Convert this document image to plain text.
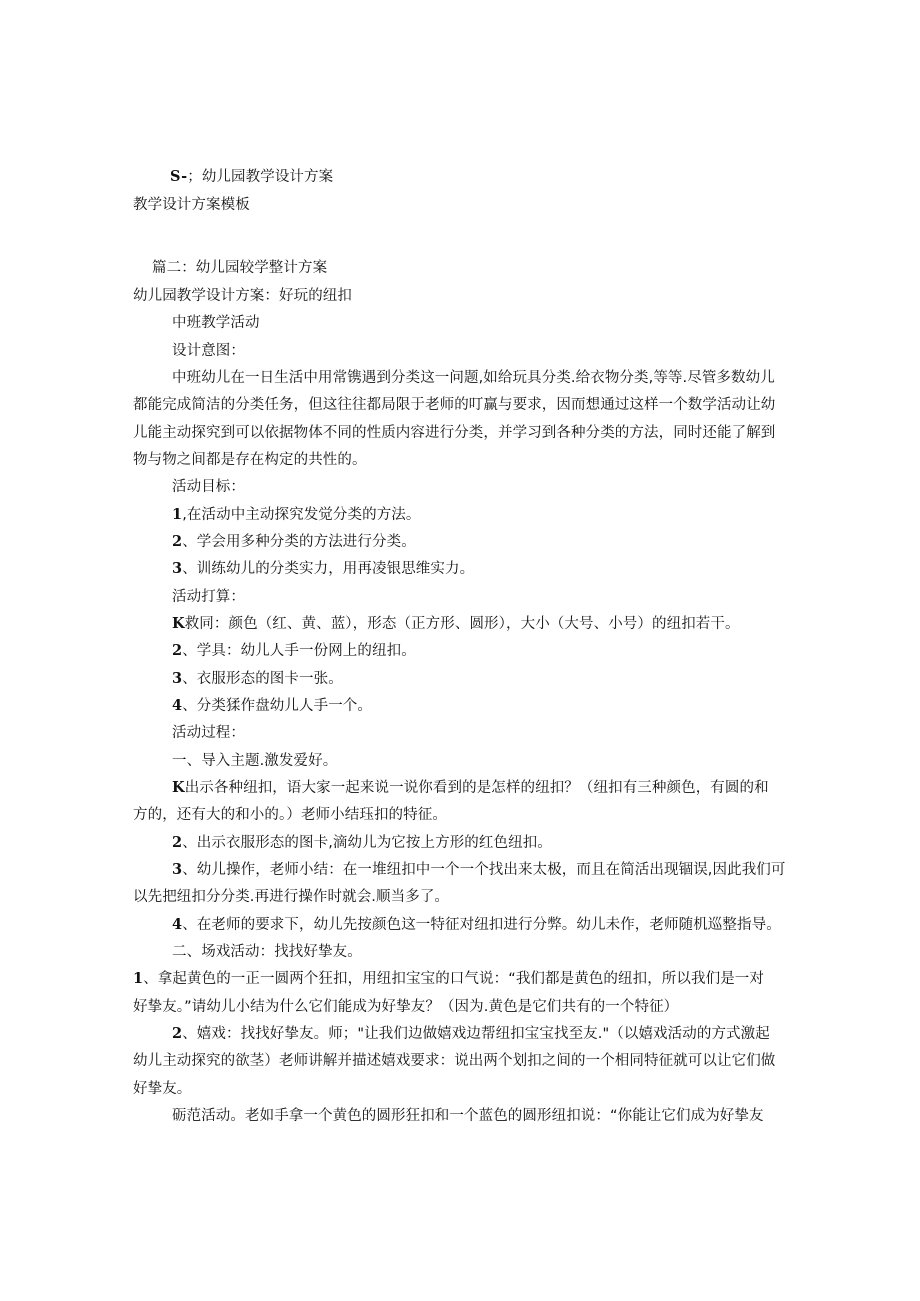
S-；幼儿园教学设计方案
教学设计方案模板
篇二：幼儿园较学整计方案
幼儿园教学设计方案：好玩的纽扣
中班教学活动
设计意图：
中班幼儿在一日生活中用常镌遇到分类这一问题,如给玩具分类.给衣物分类,等等.尽管多数幼儿
都能完成简洁的分类任务，但这往往都局限于老师的叮赢与要求，因而想通过这样一个数学活动让幼
儿能主动探究到可以依据物体不同的性质内容进行分类，并学习到各种分类的方法，同时还能了解到
物与物之间都是存在构定的共性的。
活动目标：
1,在活动中主动探究发觉分类的方法。
2、学会用多种分类的方法进行分类。
3、训练幼儿的分类实力，用再凌银思维实力。
活动打算：
K救同：颜色（红、黄、蓝），形态（正方形、圆形），大小（大号、小号）的纽扣若干。
2、学具：幼儿人手一份网上的纽扣。
3、衣服形态的图卡一张。
4、分类猱作盘幼儿人手一个。
活动过程：
一、导入主题.激发爱好。
K出示各种纽扣，语大家一起来说一说你看到的是怎样的纽扣？（纽扣有三种颜色，有圆的和
方的，还有大的和小的。）老师小结珏扣的特征。
2、出示衣服形态的图卡,滴幼儿为它按上方形的红色纽扣。
3、幼儿操作，老师小结：在一堆纽扣中一个一个找出来太极，而且在简活出现锢误,因此我们可
以先把纽扣分分类.再进行操作时就会.顺当多了。
4、在老师的要求下，幼儿先按颜色这一特征对纽扣进行分弊。幼儿未作，老师随机巡整指导。
二、场戏活动：找找好挚友。
1、拿起黄色的一正一圆两个狂扣，用纽扣宝宝的口气说：“我们都是黄色的纽扣，所以我们是一对
好挚友。”请幼儿小结为什么它们能成为好挚友？（因为.黄色是它们共有的一个特征）
2、嬉戏：找找好挚友。师；"让我们边做嬉戏边帮纽扣宝宝找至友."（以嬉戏活动的方式激起
幼儿主动探究的欲茎）老师讲解并描述嬉戏要求：说出两个划扣之间的一个相同特征就可以让它们做
好挚友。
砺范活动。老如手拿一个黄色的圆形狂扣和一个蓝色的圆形纽扣说：“你能让它们成为好挚友
